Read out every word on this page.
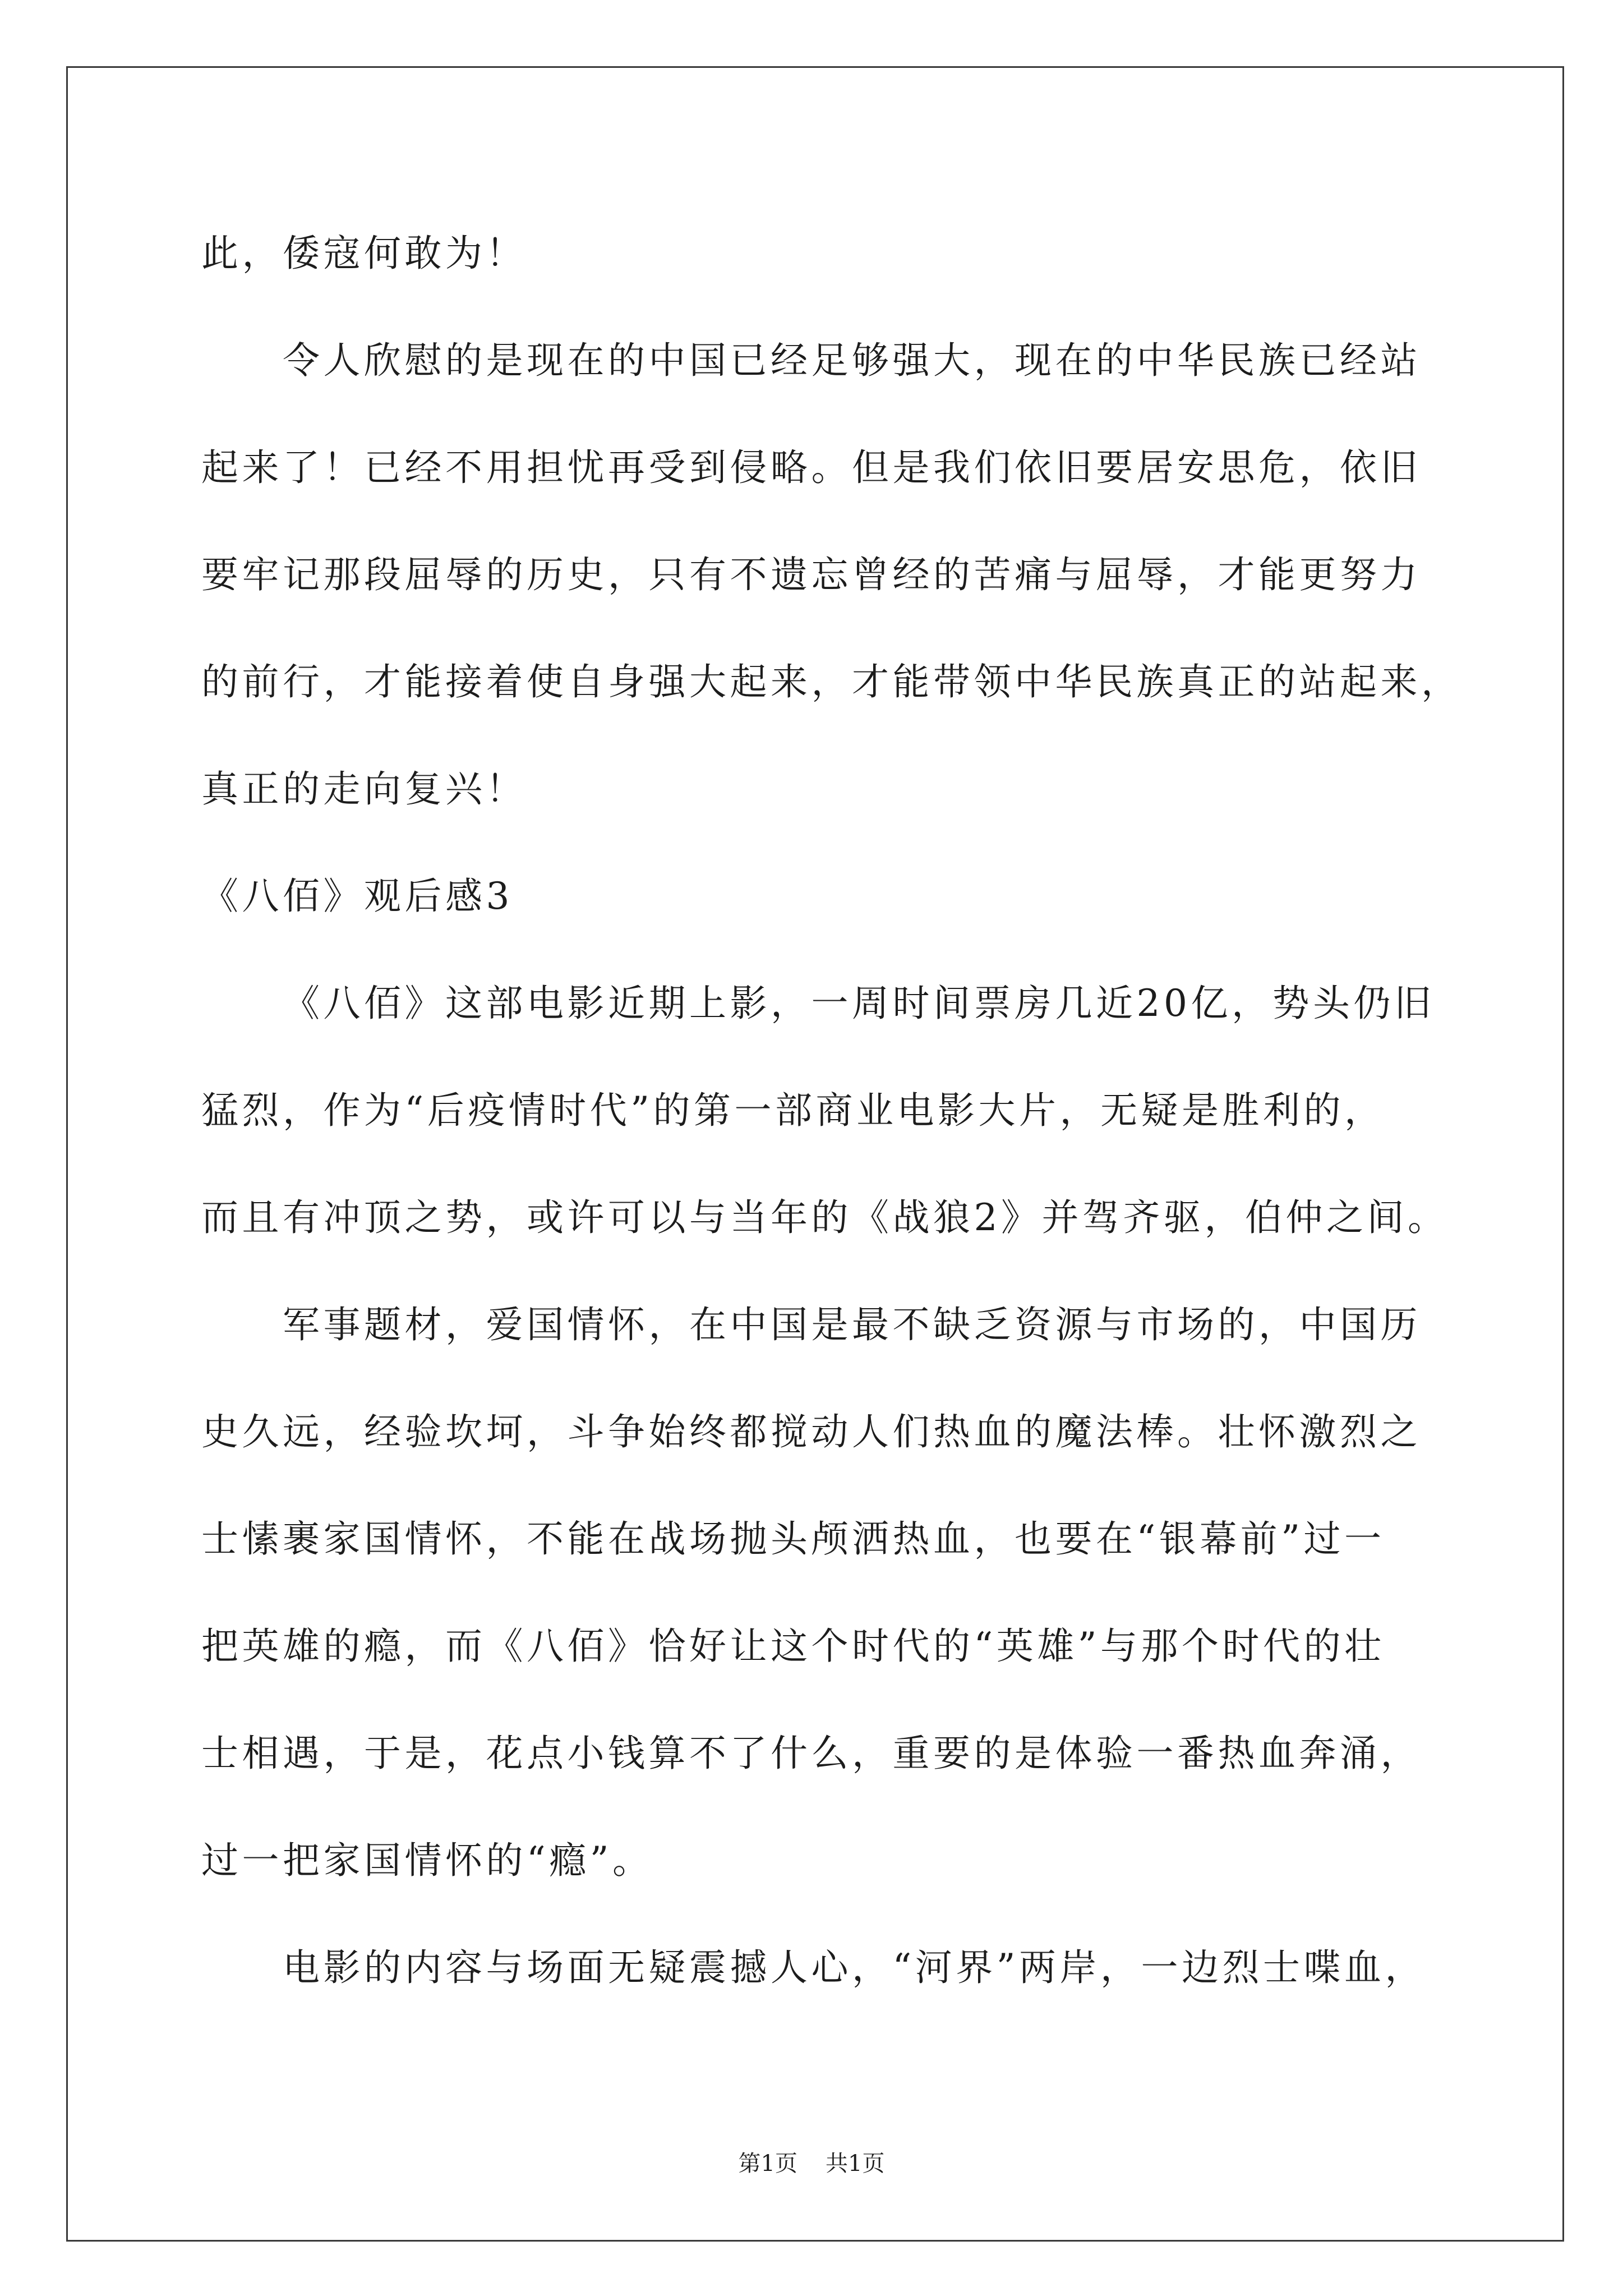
此，倭寇何敢为！
令人欣慰的是现在的中国已经足够强大，现在的中华民族已经站
起来了！已经不用担忧再受到侵略。但是我们依旧要居安思危，依旧
要牢记那段屈辱的历史，只有不遗忘曾经的苦痛与屈辱，才能更努力
的前行，才能接着使自身强大起来，才能带领中华民族真正的站起来，
真正的走向复兴！
《八佰》观后感3
《八佰》这部电影近期上影，一周时间票房几近20亿，势头仍旧
猛烈，作为“后疫情时代”的第一部商业电影大片，无疑是胜利的，
而且有冲顶之势，或许可以与当年的《战狼2》并驾齐驱，伯仲之间。
军事题材，爱国情怀，在中国是最不缺乏资源与市场的，中国历
史久远，经验坎坷，斗争始终都搅动人们热血的魔法棒。壮怀激烈之
士愫裹家国情怀，不能在战场抛头颅洒热血，也要在“银幕前”过一
把英雄的瘾，而《八佰》恰好让这个时代的“英雄”与那个时代的壮
士相遇，于是，花点小钱算不了什么，重要的是体验一番热血奔涌，
过一把家国情怀的“瘾”。
电影的内容与场面无疑震撼人心，“河界”两岸，一边烈士喋血，
第1页 共1页
